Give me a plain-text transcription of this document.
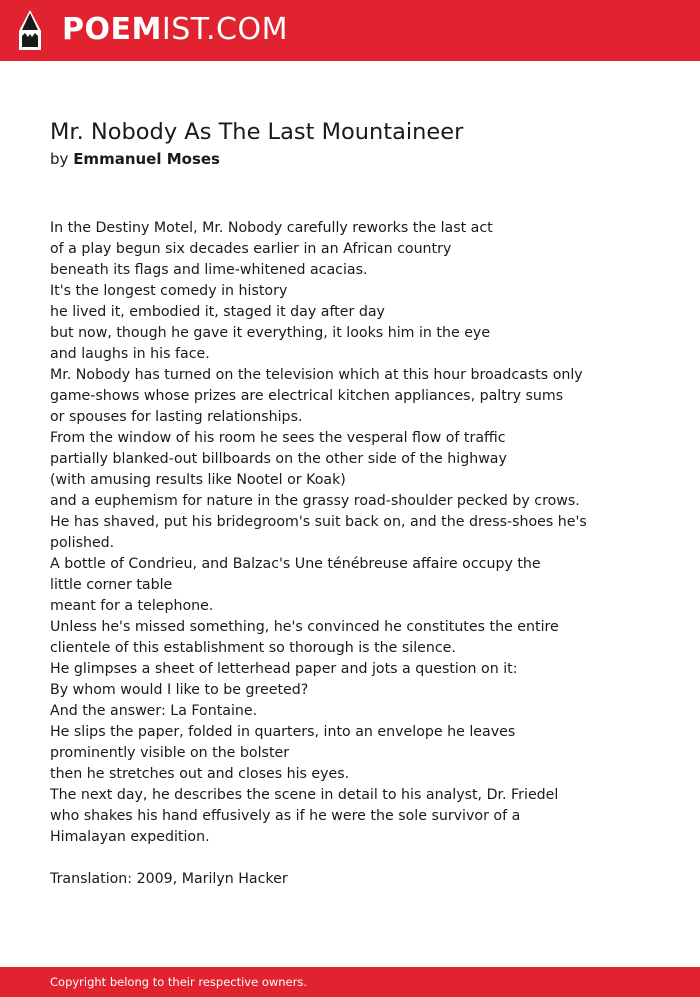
POEMIST.COM
Mr. Nobody As The Last Mountaineer
by Emmanuel Moses
In the Destiny Motel, Mr. Nobody carefully reworks the last act
of a play begun six decades earlier in an African country
beneath its flags and lime-whitened acacias.
It's the longest comedy in history
he lived it, embodied it, staged it day after day
but now, though he gave it everything, it looks him in the eye
and laughs in his face.
Mr. Nobody has turned on the television which at this hour broadcasts only
game-shows whose prizes are electrical kitchen appliances, paltry sums
or spouses for lasting relationships.
From the window of his room he sees the vesperal flow of traffic
partially blanked-out billboards on the other side of the highway
(with amusing results like Nootel or Koak)
and a euphemism for nature in the grassy road-shoulder pecked by crows.
He has shaved, put his bridegroom's suit back on, and the dress-shoes he's
polished.
A bottle of Condrieu, and Balzac's Une ténébreuse affaire occupy the
little corner table
meant for a telephone.
Unless he's missed something, he's convinced he constitutes the entire
clientele of this establishment so thorough is the silence.
He glimpses a sheet of letterhead paper and jots a question on it:
By whom would I like to be greeted?
And the answer: La Fontaine.
He slips the paper, folded in quarters, into an envelope he leaves
prominently visible on the bolster
then he stretches out and closes his eyes.
The next day, he describes the scene in detail to his analyst, Dr. Friedel
who shakes his hand effusively as if he were the sole survivor of a
Himalayan expedition.
Translation: 2009, Marilyn Hacker
Copyright belong to their respective owners.
